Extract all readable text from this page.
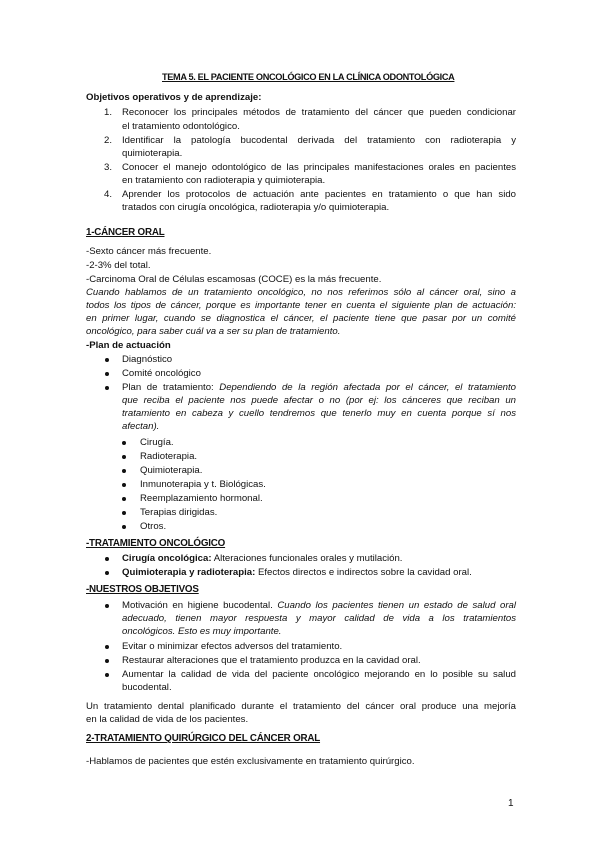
TEMA 5. EL PACIENTE ONCOLÓGICO EN LA CLÍNICA ODONTOLÓGICA
Objetivos operativos y de aprendizaje:
1. Reconocer los principales métodos de tratamiento del cáncer que pueden condicionar
el tratamiento odontológico.
2. Identificar la patología bucodental derivada del tratamiento con radioterapia y
quimioterapia.
3. Conocer el manejo odontológico de las principales manifestaciones orales en pacientes
en tratamiento con radioterapia y quimioterapia.
4. Aprender los protocolos de actuación ante pacientes en tratamiento o que han sido
tratados con cirugía oncológica, radioterapia y/o quimioterapia.
1-CÁNCER ORAL
-Sexto cáncer más frecuente.
-2-3% del total.
-Carcinoma Oral de Células escamosas (COCE) es la más frecuente.
Cuando hablamos de un tratamiento oncológico, no nos referimos sólo al cáncer oral, sino a
todos los tipos de cáncer, porque es importante tener en cuenta el siguiente plan de actuación:
en primer lugar, cuando se diagnostica el cáncer, el paciente tiene que pasar por un comité
oncológico, para saber cuál va a ser su plan de tratamiento.
-Plan de actuación
Diagnóstico
Comité oncológico
Plan de tratamiento: Dependiendo de la región afectada por el cáncer, el tratamiento
que reciba el paciente nos puede afectar o no (por ej: los cánceres que reciban un
tratamiento en cabeza y cuello tendremos que tenerlo muy en cuenta porque sí nos
afectan).
Cirugía.
Radioterapia.
Quimioterapia.
Inmunoterapia y t. Biológicas.
Reemplazamiento hormonal.
Terapias dirigidas.
Otros.
-TRATAMIENTO ONCOLÓGICO
Cirugía oncológica: Alteraciones funcionales orales y mutilación.
Quimioterapia y radioterapia: Efectos directos e indirectos sobre la cavidad oral.
-NUESTROS OBJETIVOS
Motivación en higiene bucodental. Cuando los pacientes tienen un estado de salud oral
adecuado, tienen mayor respuesta y mayor calidad de vida a los tratamientos
oncológicos. Esto es muy importante.
Evitar o minimizar efectos adversos del tratamiento.
Restaurar alteraciones que el tratamiento produzca en la cavidad oral.
Aumentar la calidad de vida del paciente oncológico mejorando en lo posible su salud
bucodental.
Un tratamiento dental planificado durante el tratamiento del cáncer oral produce una mejoría
en la calidad de vida de los pacientes.
2-TRATAMIENTO QUIRÚRGICO DEL CÁNCER ORAL
-Hablamos de pacientes que estén exclusivamente en tratamiento quirúrgico.
1
